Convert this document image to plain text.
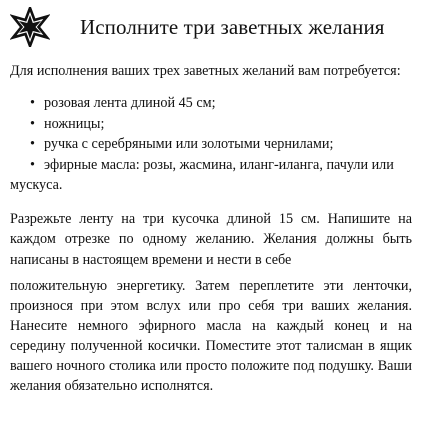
Исполните три заветных желания
Для исполнения ваших трех заветных желаний вам потребуется:
• розовая лента длиной 45 см;
• ножницы;
• ручка с серебряными или золотыми чернилами;
• эфирные масла: розы, жасмина, иланг-иланга, пачули или мускуса.
Разрежьте ленту на три кусочка длиной 15 см. Напишите на каждом отрезке по одному желанию. Желания должны быть написаны в настоящем времени и нести в себе
положительную энергетику. Затем переплетите эти ленточки, произнося при этом вслух или про себя три ваших желания. Нанесите немного эфирного масла на каждый конец и на середину полученной косички. Поместите этот талисман в ящик вашего ночного столика или просто положите под подушку. Ваши желания обязательно исполнятся.
